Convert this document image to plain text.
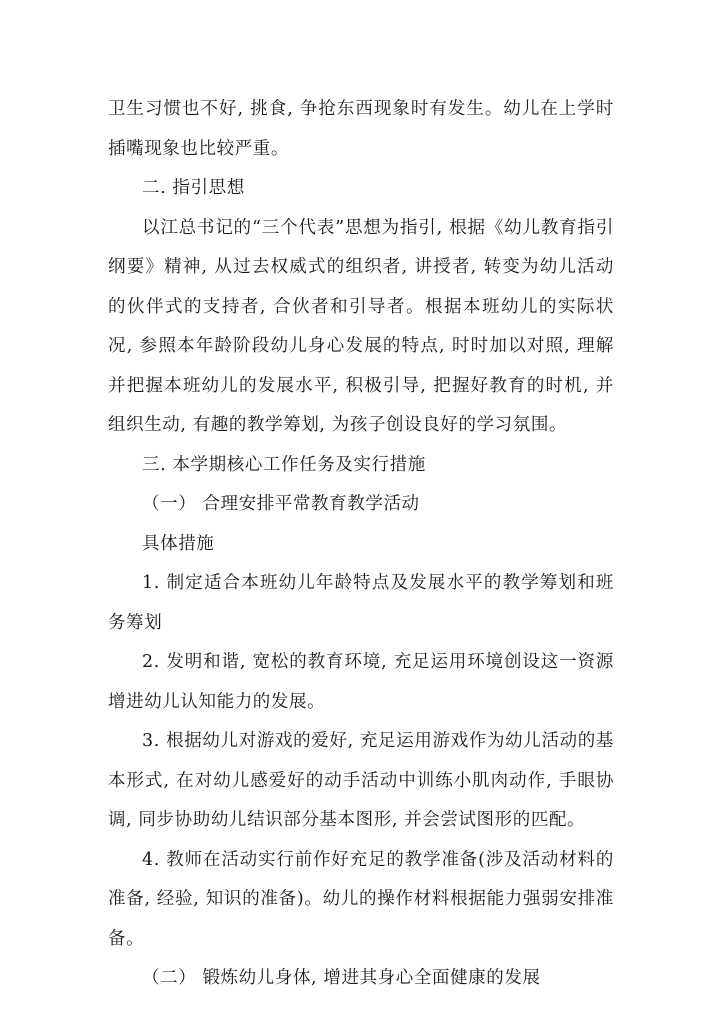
卫生习惯也不好, 挑食, 争抢东西现象时有发生。幼儿在上学时插嘴现象也比较严重。

二. 指引思想

以江总书记的“三个代表”思想为指引, 根据《幼儿教育指引纲要》精神, 从过去权威式的组织者, 讲授者, 转变为幼儿活动的伙伴式的支持者, 合伙者和引导者。根据本班幼儿的实际状况, 参照本年龄阶段幼儿身心发展的特点, 时时加以对照, 理解并把握本班幼儿的发展水平, 积极引导, 把握好教育的时机, 并组织生动, 有趣的教学筹划, 为孩子创设良好的学习氛围。

三. 本学期核心工作任务及实行措施

（一） 合理安排平常教育教学活动

具体措施

1. 制定适合本班幼儿年龄特点及发展水平的教学筹划和班务筹划

2. 发明和谐, 宽松的教育环境, 充足运用环境创设这一资源增进幼儿认知能力的发展。

3. 根据幼儿对游戏的爱好, 充足运用游戏作为幼儿活动的基本形式, 在对幼儿感爱好的动手活动中训练小肌肉动作, 手眼协调, 同步协助幼儿结识部分基本图形, 并会尝试图形的匹配。

4. 教师在活动实行前作好充足的教学准备(涉及活动材料的准备, 经验, 知识的准备)。幼儿的操作材料根据能力强弱安排准备。

（二） 锻炼幼儿身体, 增进其身心全面健康的发展
